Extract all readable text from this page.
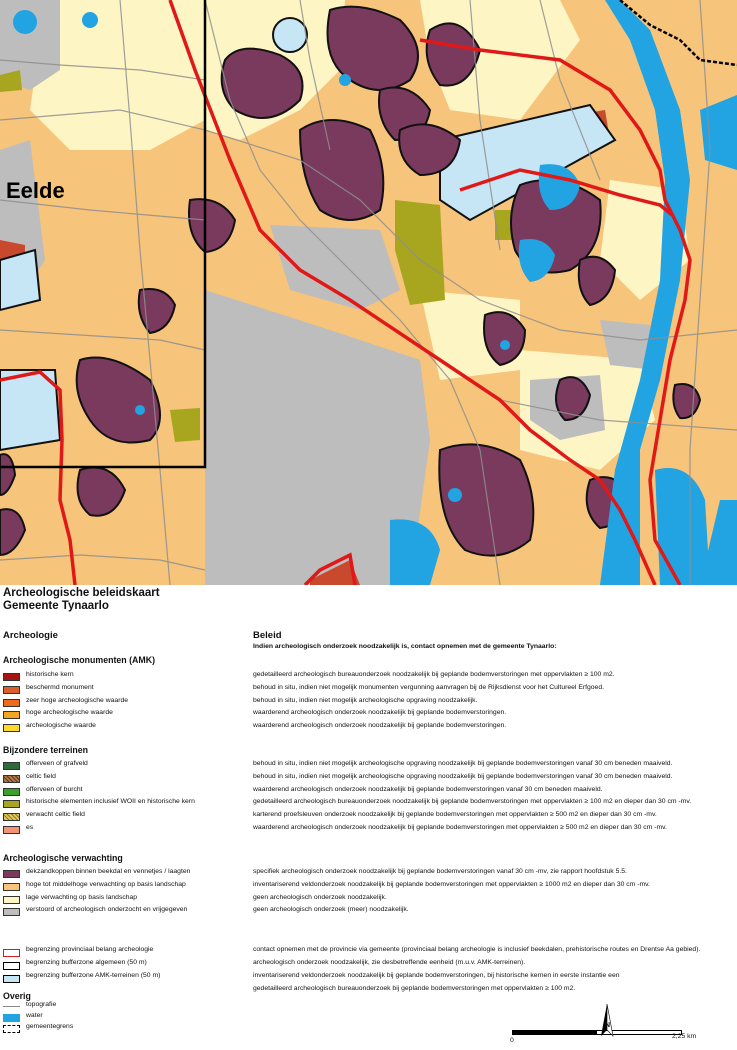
Eelde
Archeologische beleidskaart
Gemeente Tynaarlo
Archeologie	Beleid
Indien archeologisch onderzoek noodzakelijk is, contact opnemen met de gemeente Tynaarlo:
Archeologische monumenten (AMK)
Bijzondere terreinen
Archeologische verwachting
historische kern	gedetailleerd archeologisch bureauonderzoek noodzakelijk bij geplande bodemverstoringen met oppervlakten ≥ 100 m2.
beschermd monument	behoud in situ, indien niet mogelijk monumenten vergunning aanvragen bij de Rijksdienst voor het Cultureel Erfgoed.
zeer hoge archeologische waarde	behoud in situ, indien niet mogelijk archeologische opgraving noodzakelijk.
hoge archeologische waarde	waarderend archeologisch onderzoek noodzakelijk bij geplande bodemverstoringen.
archeologische waarde	waarderend archeologisch onderzoek noodzakelijk bij geplande bodemverstoringen.
offerveen of grafveld	behoud in situ, indien niet mogelijk archeologische opgraving noodzakelijk bij geplande bodemverstoringen vanaf 30 cm beneden maaiveld.
celtic field	behoud in situ, indien niet mogelijk archeologische opgraving noodzakelijk bij geplande bodemverstoringen vanaf 30 cm beneden maaiveld.
offerveen of burcht	waarderend archeologisch onderzoek noodzakelijk bij geplande bodemverstoringen vanaf 30 cm beneden maaiveld.
historische elementen inclusief WOII en historische kern	gedetailleerd archeologisch bureauonderzoek noodzakelijk bij geplande bodemverstoringen met oppervlakten ≥ 100 m2 en dieper dan 30 cm -mv.
verwacht celtic field	karterend proefsleuven onderzoek noodzakelijk bij geplande bodemverstoringen met oppervlakten ≥ 500 m2 en dieper dan 30 cm -mv.
es	waarderend archeologisch onderzoek noodzakelijk bij geplande bodemverstoringen met oppervlakten ≥ 500 m2 en dieper dan 30 cm -mv.
dekzandkoppen binnen beekdal en vennetjes / laagten	specifiek archeologisch onderzoek noodzakelijk bij geplande bodemverstoringen vanaf 30 cm -mv, zie rapport hoofdstuk 5.5.
hoge tot middelhoge verwachting op basis landschap	inventariserend veldonderzoek noodzakelijk bij geplande bodemverstoringen met oppervlakten ≥ 1000 m2 en dieper dan 30 cm -mv.
lage verwachting op basis landschap	geen archeologisch onderzoek noodzakelijk.
verstoord of archeologisch onderzocht en vrijgegeven	geen archeologisch onderzoek (meer) noodzakelijk.
begrenzing provinciaal belang archeologie	contact opnemen met de provincie via gemeente (provinciaal belang archeologie is inclusief beekdalen, prehistorische routes en Drentse Aa gebied).
begrenzing bufferzone algemeen (50 m)	archeologisch onderzoek noodzakelijk, zie desbetreffende eenheid (m.u.v. AMK-terreinen).
begrenzing bufferzone AMK-terreinen (50 m)	inventariserend veldonderzoek noodzakelijk bij geplande bodemverstoringen, bij historische kernen in eerste instantie een
gedetailleerd archeologisch bureauonderzoek bij geplande bodemverstoringen met oppervlakten ≥ 100 m2.
Overig
topografie
water
gemeentegrens
0
2,25 km
N
